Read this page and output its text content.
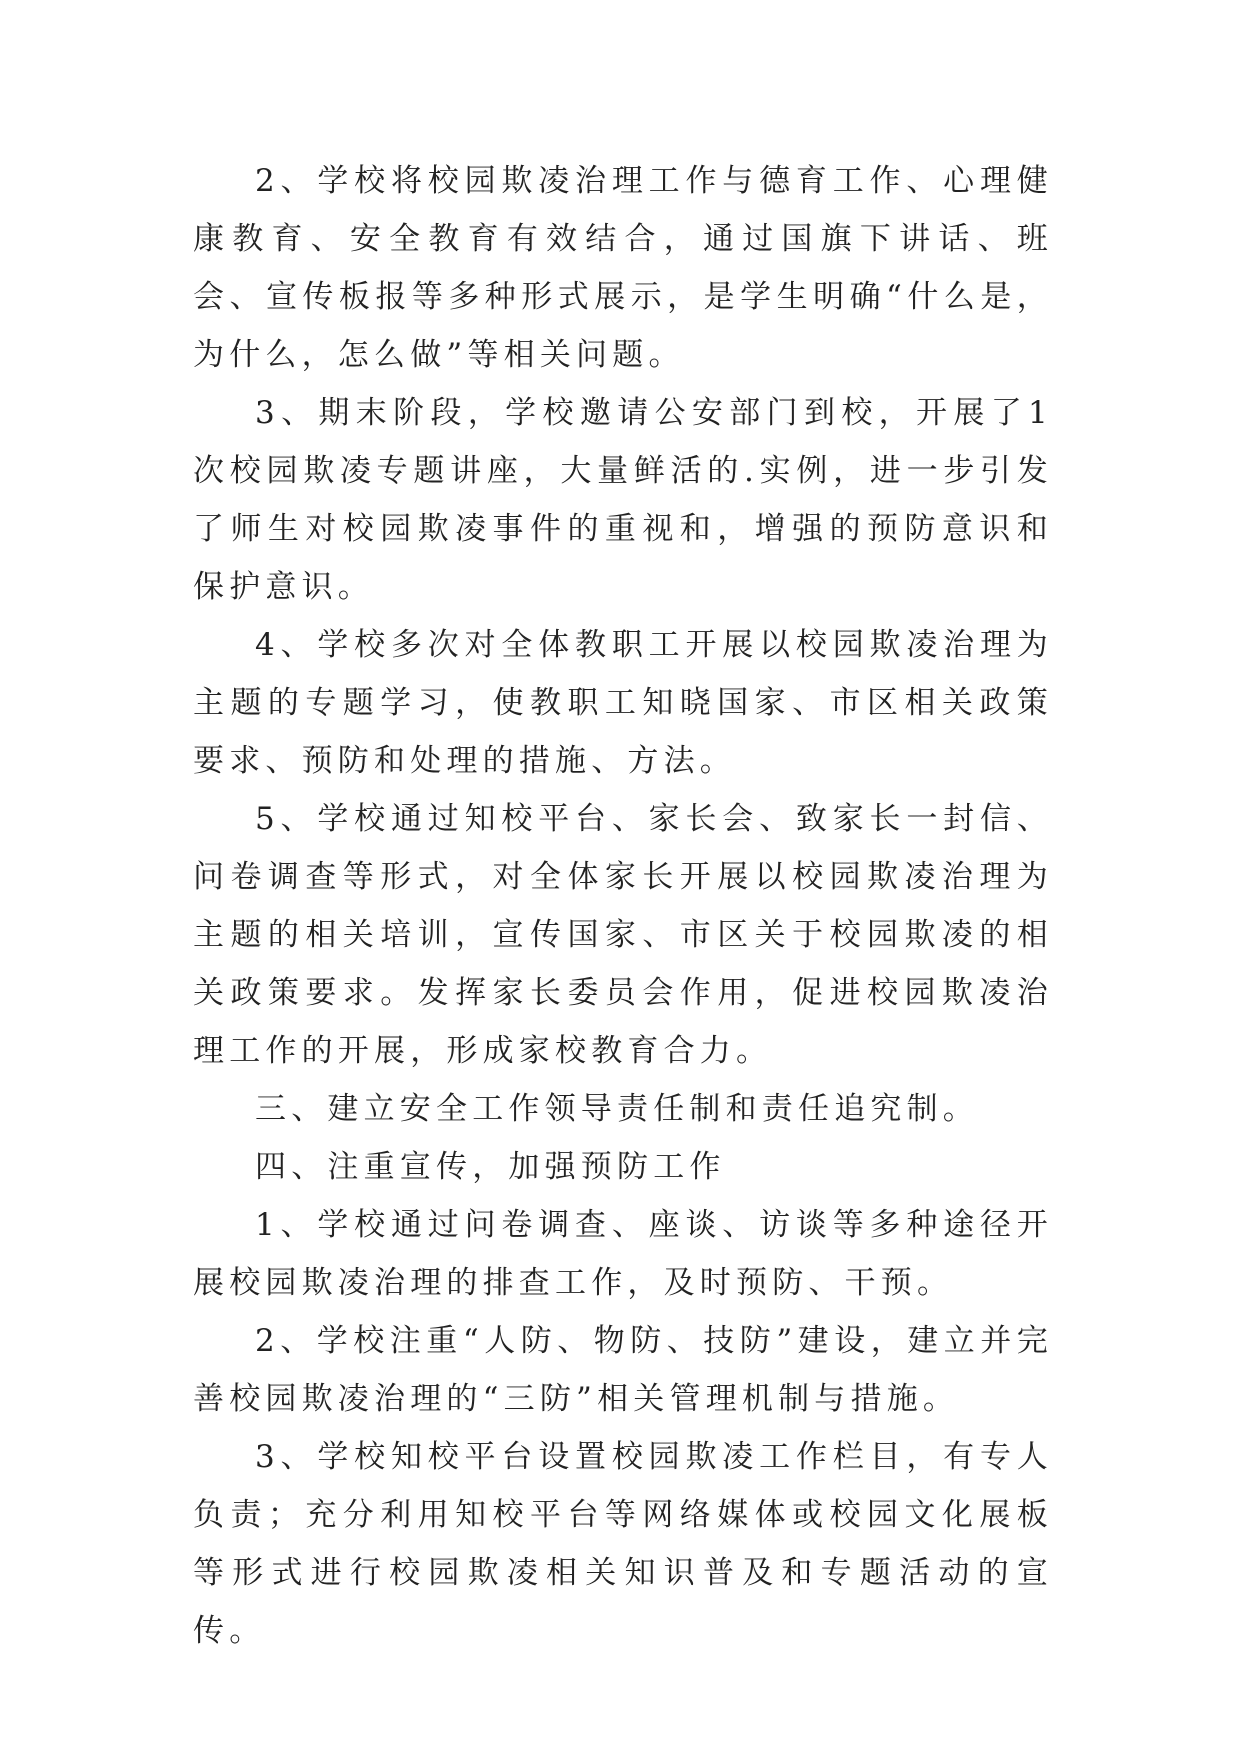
2、学校将校园欺凌治理工作与德育工作、心理健康教育、安全教育有效结合，通过国旗下讲话、班会、宣传板报等多种形式展示，是学生明确“什么是，为什么，怎么做”等相关问题。

3、期末阶段，学校邀请公安部门到校，开展了1次校园欺凌专题讲座，大量鲜活的.实例，进一步引发了师生对校园欺凌事件的重视和，增强的预防意识和保护意识。

4、学校多次对全体教职工开展以校园欺凌治理为主题的专题学习，使教职工知晓国家、市区相关政策要求、预防和处理的措施、方法。

5、学校通过知校平台、家长会、致家长一封信、问卷调查等形式，对全体家长开展以校园欺凌治理为主题的相关培训，宣传国家、市区关于校园欺凌的相关政策要求。发挥家长委员会作用，促进校园欺凌治理工作的开展，形成家校教育合力。

三、建立安全工作领导责任制和责任追究制。

四、注重宣传，加强预防工作

1、学校通过问卷调查、座谈、访谈等多种途径开展校园欺凌治理的排查工作，及时预防、干预。

2、学校注重“人防、物防、技防”建设，建立并完善校园欺凌治理的“三防”相关管理机制与措施。

3、学校知校平台设置校园欺凌工作栏目，有专人负责；充分利用知校平台等网络媒体或校园文化展板等形式进行校园欺凌相关知识普及和专题活动的宣传。
